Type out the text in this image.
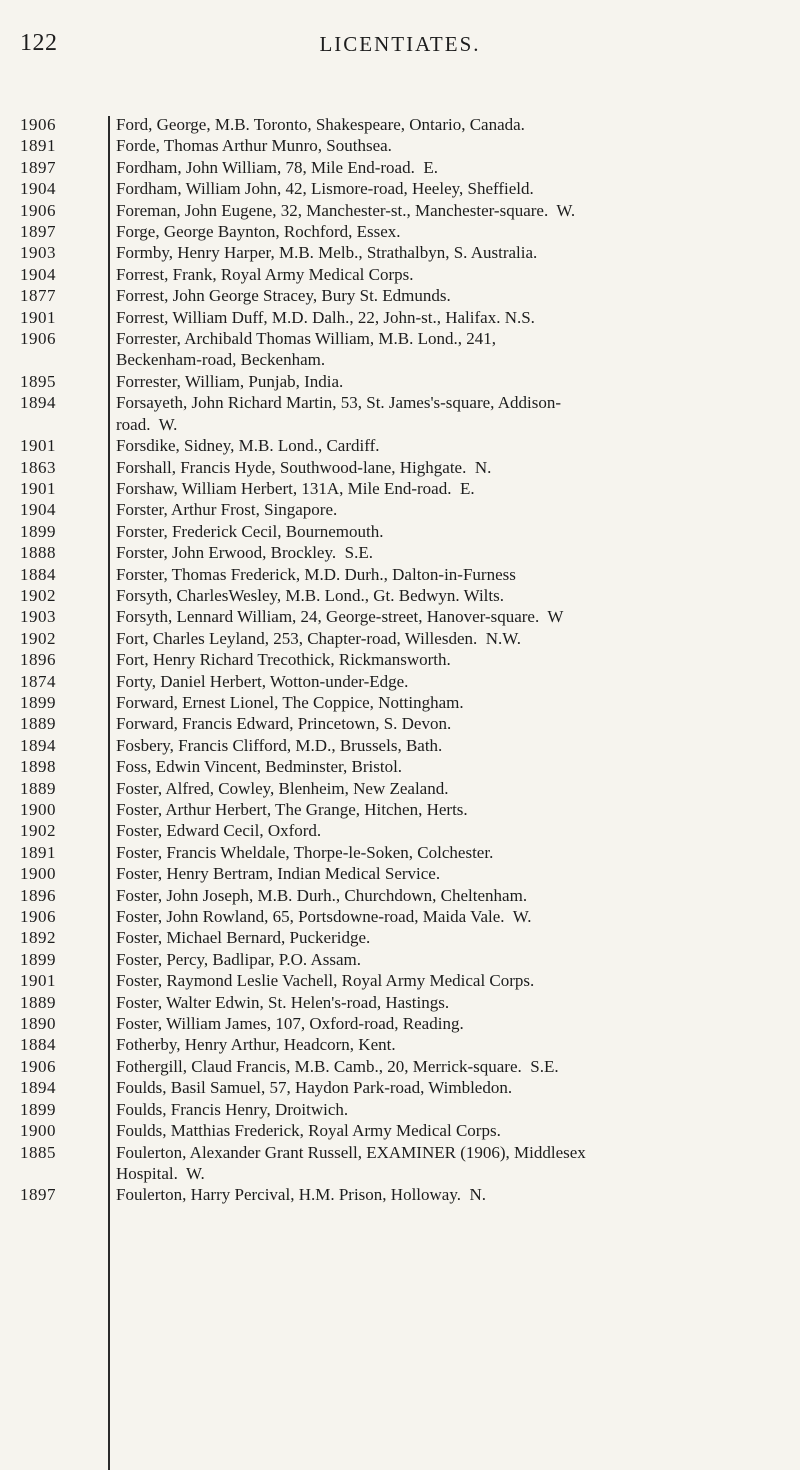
122	LICENTIATES.
1906	Ford, George, M.B. Toronto, Shakespeare, Ontario, Canada.
1891	Forde, Thomas Arthur Munro, Southsea.
1897	Fordham, John William, 78, Mile End-road.  E.
1904	Fordham, William John, 42, Lismore-road, Heeley, Sheffield.
1906	Foreman, John Eugene, 32, Manchester-st., Manchester-square.  W.
1897	Forge, George Baynton, Rochford, Essex.
1903	Formby, Henry Harper, M.B. Melb., Strathalbyn, S. Australia.
1904	Forrest, Frank, Royal Army Medical Corps.
1877	Forrest, John George Stracey, Bury St. Edmunds.
1901	Forrest, William Duff, M.D. Dalh., 22, John-st., Halifax. N.S.
1906	Forrester, Archibald Thomas William, M.B. Lond., 241,
Beckenham-road, Beckenham.
1895	Forrester, William, Punjab, India.
1894	Forsayeth, John Richard Martin, 53, St. James's-square, Addison-
road.  W.
1901	Forsdike, Sidney, M.B. Lond., Cardiff.
1863	Forshall, Francis Hyde, Southwood-lane, Highgate.  N.
1901	Forshaw, William Herbert, 131A, Mile End-road.  E.
1904	Forster, Arthur Frost, Singapore.
1899	Forster, Frederick Cecil, Bournemouth.
1888	Forster, John Erwood, Brockley.  S.E.
1884	Forster, Thomas Frederick, M.D. Durh., Dalton-in-Furness
1902	Forsyth, CharlesWesley, M.B. Lond., Gt. Bedwyn. Wilts.
1903	Forsyth, Lennard William, 24, George-street, Hanover-square.  W
1902	Fort, Charles Leyland, 253, Chapter-road, Willesden.  N.W.
1896	Fort, Henry Richard Trecothick, Rickmansworth.
1874	Forty, Daniel Herbert, Wotton-under-Edge.
1899	Forward, Ernest Lionel, The Coppice, Nottingham.
1889	Forward, Francis Edward, Princetown, S. Devon.
1894	Fosbery, Francis Clifford, M.D., Brussels, Bath.
1898	Foss, Edwin Vincent, Bedminster, Bristol.
1889	Foster, Alfred, Cowley, Blenheim, New Zealand.
1900	Foster, Arthur Herbert, The Grange, Hitchen, Herts.
1902	Foster, Edward Cecil, Oxford.
1891	Foster, Francis Wheldale, Thorpe-le-Soken, Colchester.
1900	Foster, Henry Bertram, Indian Medical Service.
1896	Foster, John Joseph, M.B. Durh., Churchdown, Cheltenham.
1906	Foster, John Rowland, 65, Portsdowne-road, Maida Vale.  W.
1892	Foster, Michael Bernard, Puckeridge.
1899	Foster, Percy, Badlipar, P.O. Assam.
1901	Foster, Raymond Leslie Vachell, Royal Army Medical Corps.
1889	Foster, Walter Edwin, St. Helen's-road, Hastings.
1890	Foster, William James, 107, Oxford-road, Reading.
1884	Fotherby, Henry Arthur, Headcorn, Kent.
1906	Fothergill, Claud Francis, M.B. Camb., 20, Merrick-square.  S.E.
1894	Foulds, Basil Samuel, 57, Haydon Park-road, Wimbledon.
1899	Foulds, Francis Henry, Droitwich.
1900	Foulds, Matthias Frederick, Royal Army Medical Corps.
1885	Foulerton, Alexander Grant Russell, EXAMINER (1906), Middlesex
Hospital.  W.
1897	Foulerton, Harry Percival, H.M. Prison, Holloway.  N.
